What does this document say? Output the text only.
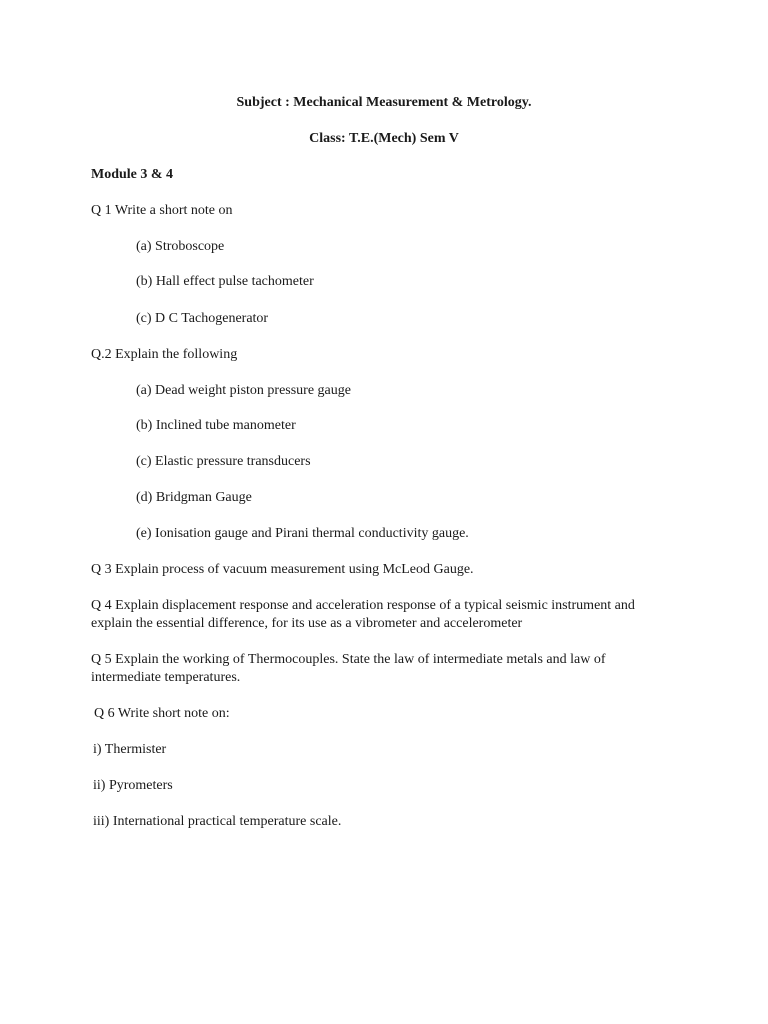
Subject : Mechanical Measurement & Metrology.
Class: T.E.(Mech) Sem V
Module 3 & 4
Q 1 Write a short note on
(a) Stroboscope
(b) Hall effect pulse tachometer
(c) D C Tachogenerator
Q.2 Explain the following
(a) Dead weight piston pressure gauge
(b) Inclined tube manometer
(c) Elastic pressure transducers
(d) Bridgman Gauge
(e) Ionisation gauge and Pirani thermal conductivity gauge.
Q 3 Explain process of vacuum measurement using McLeod Gauge.
Q 4 Explain displacement response and acceleration response of a typical seismic instrument and
explain the essential difference, for its use as a vibrometer and accelerometer
Q 5 Explain the working of Thermocouples. State the law of intermediate metals and law of
intermediate temperatures.
Q 6 Write short note on:
i) Thermister
ii) Pyrometers
iii) International practical temperature scale.
